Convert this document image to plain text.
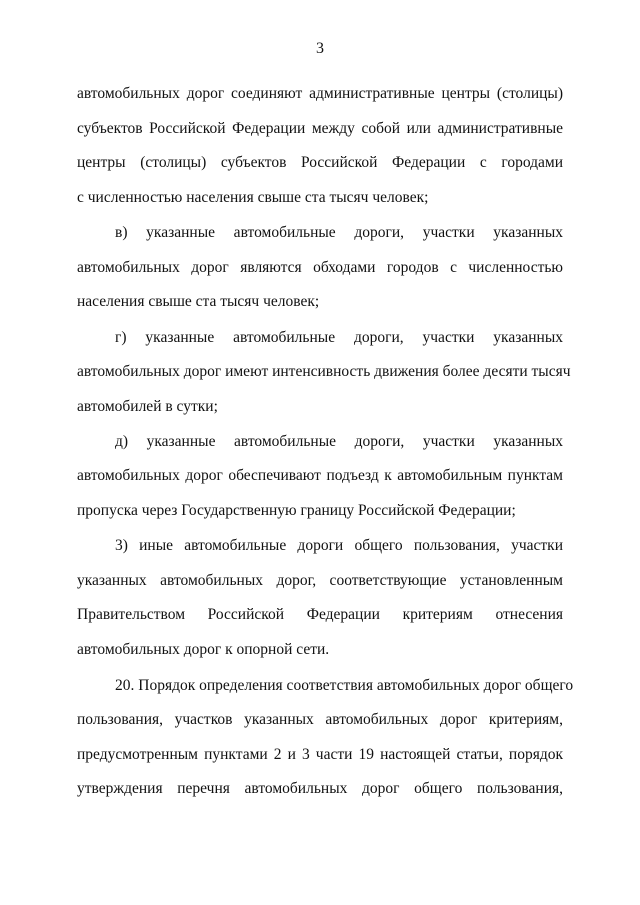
3
автомобильных дорог соединяют административные центры (столицы)
субъектов Российской Федерации между собой или административные
центры (столицы) субъектов Российской Федерации с городами
с численностью населения свыше ста тысяч человек;
в) указанные автомобильные дороги, участки указанных
автомобильных дорог являются обходами городов с численностью
населения свыше ста тысяч человек;
г) указанные автомобильные дороги, участки указанных
автомобильных дорог имеют интенсивность движения более десяти тысяч
автомобилей в сутки;
д) указанные автомобильные дороги, участки указанных
автомобильных дорог обеспечивают подъезд к автомобильным пунктам
пропуска через Государственную границу Российской Федерации;
3) иные автомобильные дороги общего пользования, участки
указанных автомобильных дорог, соответствующие установленным
Правительством Российской Федерации критериям отнесения
автомобильных дорог к опорной сети.
20. Порядок определения соответствия автомобильных дорог общего
пользования, участков указанных автомобильных дорог критериям,
предусмотренным пунктами 2 и 3 части 19 настоящей статьи, порядок
утверждения перечня автомобильных дорог общего пользования,
